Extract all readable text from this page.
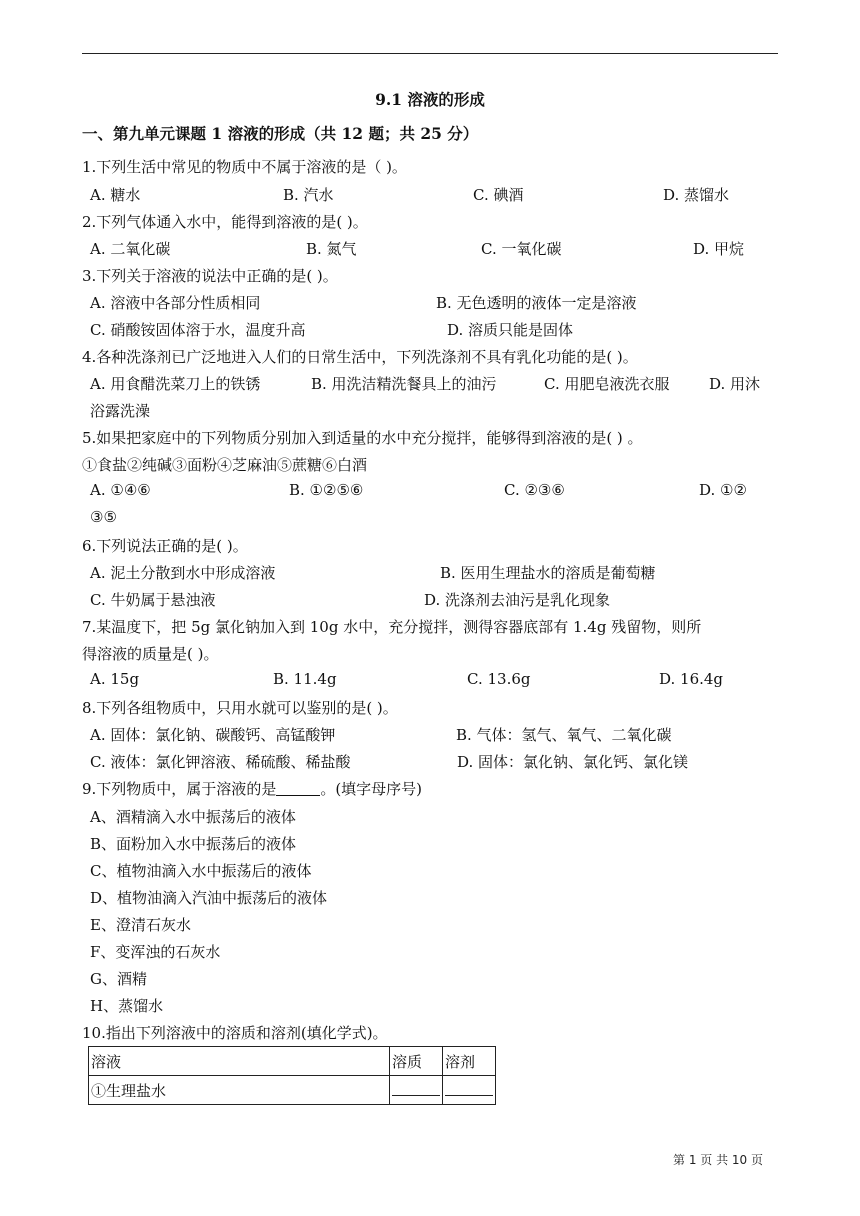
9.1 溶液的形成
一、第九单元课题 1 溶液的形成（共 12 题；共 25 分）
1.下列生活中常见的物质中不属于溶液的是（ )。
A. 糖水	B. 汽水	C. 碘酒	D. 蒸馏水
2.下列气体通入水中，能得到溶液的是( )。
A. 二氧化碳	B. 氮气	C. 一氧化碳	D. 甲烷
3.下列关于溶液的说法中正确的是( )。
A. 溶液中各部分性质相同	B. 无色透明的液体一定是溶液
C. 硝酸铵固体溶于水，温度升高	D. 溶质只能是固体
4.各种洗涤剂已广泛地进入人们的日常生活中，下列洗涤剂不具有乳化功能的是( )。
A. 用食醋洗菜刀上的铁锈	B. 用洗洁精洗餐具上的油污	C. 用肥皂液洗衣服	D. 用沐
浴露洗澡
5.如果把家庭中的下列物质分别加入到适量的水中充分搅拌，能够得到溶液的是( ) 。
①食盐②纯碱③面粉④芝麻油⑤蔗糖⑥白酒
A. ①④⑥	B. ①②⑤⑥	C. ②③⑥	D. ①②
③⑤
6.下列说法正确的是( )。
A. 泥土分散到水中形成溶液	B. 医用生理盐水的溶质是葡萄糖
C. 牛奶属于悬浊液	D. 洗涤剂去油污是乳化现象
7.某温度下，把 5g 氯化钠加入到 10g 水中，充分搅拌，测得容器底部有 1.4g 残留物，则所
得溶液的质量是( )。
A. 15g	B. 11.4g	C. 13.6g	D. 16.4g
8.下列各组物质中，只用水就可以鉴别的是( )。
A. 固体：氯化钠、碳酸钙、高锰酸钾	B. 气体：氢气、氧气、二氧化碳
C. 液体：氯化钾溶液、稀硫酸、稀盐酸	D. 固体：氯化钠、氯化钙、氯化镁
9.下列物质中，属于溶液的是	。(填字母序号)
A、酒精滴入水中振荡后的液体
B、面粉加入水中振荡后的液体
C、植物油滴入水中振荡后的液体
D、植物油滴入汽油中振荡后的液体
E、澄清石灰水
F、变浑浊的石灰水
G、酒精
H、蒸馏水
10.指出下列溶液中的溶质和溶剂(填化学式)。
溶液	溶质	溶剂
①生理盐水	

第 1 页 共 10 页
